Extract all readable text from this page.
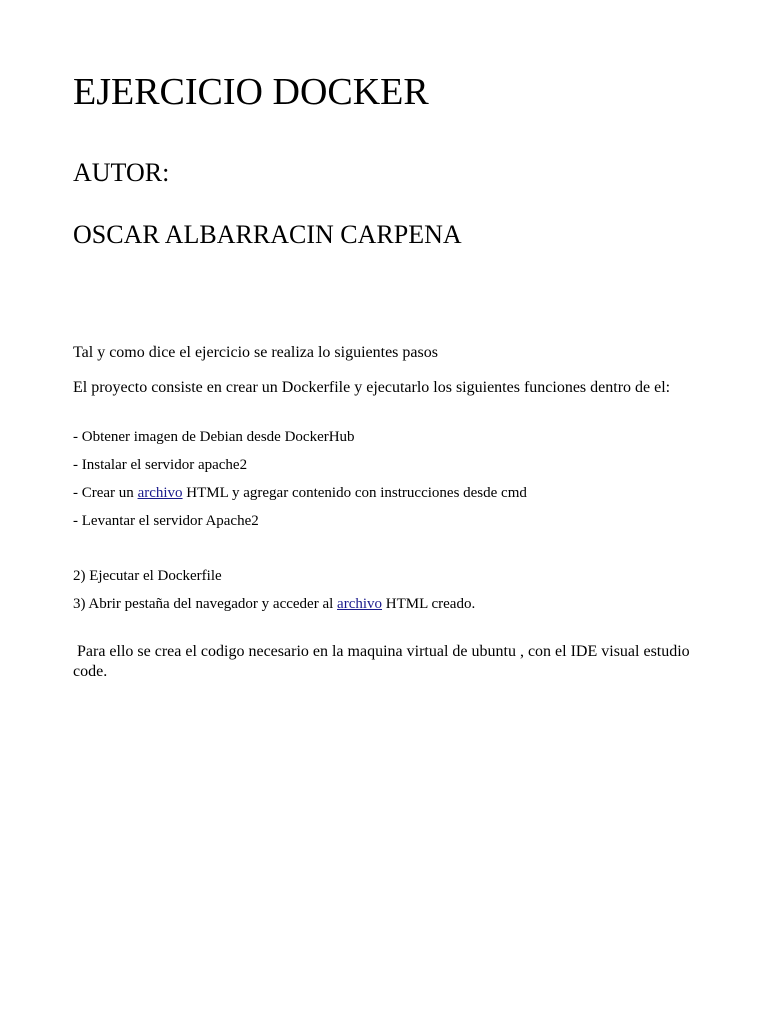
EJERCICIO DOCKER
AUTOR:
OSCAR ALBARRACIN CARPENA

Tal y como dice el ejercicio se realiza lo siguientes pasos

El proyecto consiste en crear un Dockerfile y ejecutarlo los siguientes funciones dentro de el:

- Obtener imagen de Debian desde DockerHub

- Instalar el servidor apache2

- Crear un archivo HTML y agregar contenido con instrucciones desde cmd

- Levantar el servidor Apache2

2) Ejecutar el Dockerfile

3) Abrir pestaña del navegador y acceder al archivo HTML creado.

Para ello se crea el codigo necesario en la maquina virtual de ubuntu , con el IDE visual estudio code.
